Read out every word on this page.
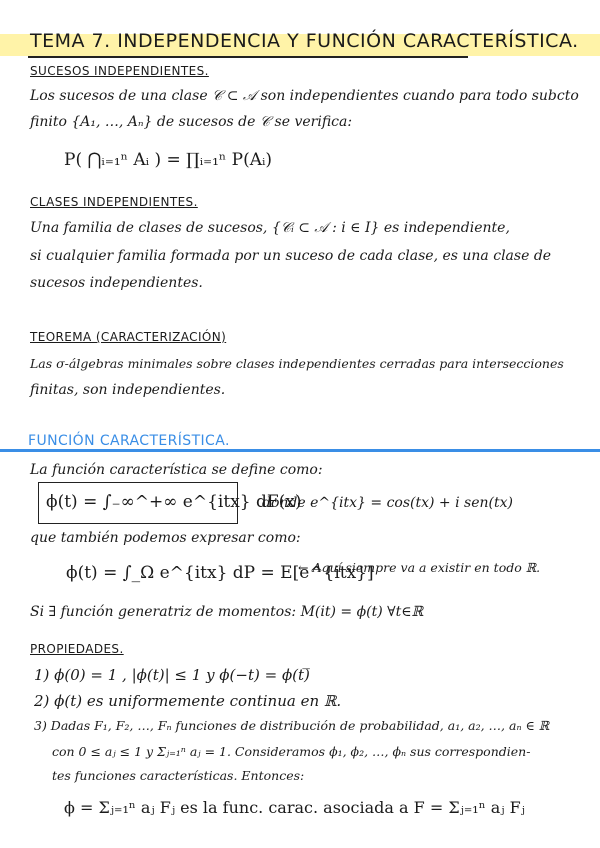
TEMA 7. INDEPENDENCIA Y FUNCIÓN CARACTERÍSTICA.
SUCESOS INDEPENDIENTES.
Los sucesos de una clase 𝒞 ⊂ 𝒜 son independientes cuando para todo subcto
finito {A₁, …, Aₙ} de sucesos de 𝒞 se verifica:
P( ⋂ᵢ₌₁ⁿ Aᵢ ) = ∏ᵢ₌₁ⁿ P(Aᵢ)
CLASES INDEPENDIENTES.
Una familia de clases de sucesos, {𝒞ᵢ ⊂ 𝒜 : i ∈ I} es independiente,
si cualquier familia formada por un suceso de cada clase, es una clase de
sucesos independientes.
TEOREMA (CARACTERIZACIÓN)
Las σ-álgebras minimales sobre clases independientes cerradas para intersecciones
finitas, son independientes.
FUNCIÓN CARACTERÍSTICA.
La función característica se define como:
ϕ(t) = ∫₋∞^+∞ e^{itx} dF(x)
donde e^{itx} = cos(tx) + i sen(tx)
que también podemos expresar como:
ϕ(t) = ∫_Ω e^{itx} dP = E[e^{itx}]
← Aquí siempre va a existir en todo ℝ.
Si ∃ función generatriz de momentos: M(it) = ϕ(t) ∀t∈ℝ
PROPIEDADES.
1) ϕ(0) = 1 , |ϕ(t)| ≤ 1 y ϕ(−t) = ϕ(t)̅
2) ϕ(t) es uniformemente continua en ℝ.
3) Dadas F₁, F₂, …, Fₙ funciones de distribución de probabilidad, a₁, a₂, …, aₙ ∈ ℝ
con 0 ≤ aⱼ ≤ 1 y Σⱼ₌₁ⁿ aⱼ = 1. Consideramos ϕ₁, ϕ₂, …, ϕₙ sus correspondien-
tes funciones características. Entonces:
ϕ = Σⱼ₌₁ⁿ aⱼ Fⱼ es la func. carac. asociada a F = Σⱼ₌₁ⁿ aⱼ Fⱼ
